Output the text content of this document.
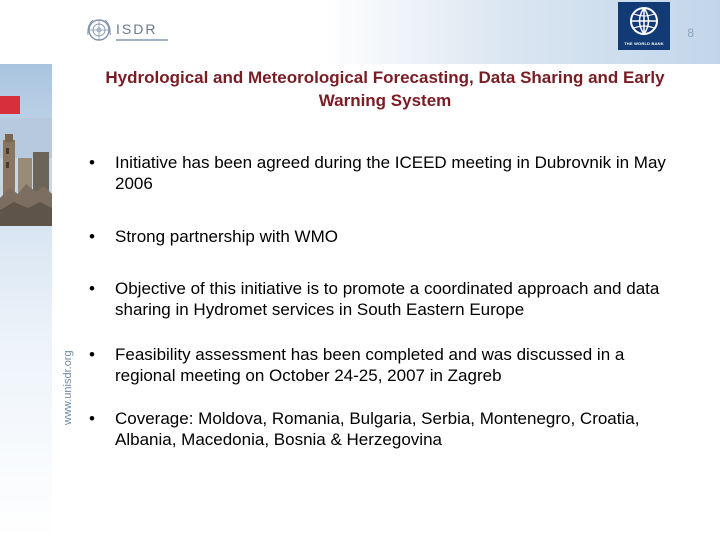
8
ISDR
THE WORLD BANK
www.unisdr.org
Hydrological and Meteorological Forecasting, Data Sharing and Early Warning System
• Initiative has been agreed during the ICEED meeting in Dubrovnik in May 2006
• Strong partnership with WMO
• Objective of this initiative is to promote a coordinated approach and data sharing in Hydromet services in South Eastern Europe
• Feasibility assessment has been completed and was discussed in a regional meeting on October 24-25, 2007 in Zagreb
• Coverage: Moldova, Romania, Bulgaria, Serbia, Montenegro, Croatia, Albania, Macedonia, Bosnia & Herzegovina
